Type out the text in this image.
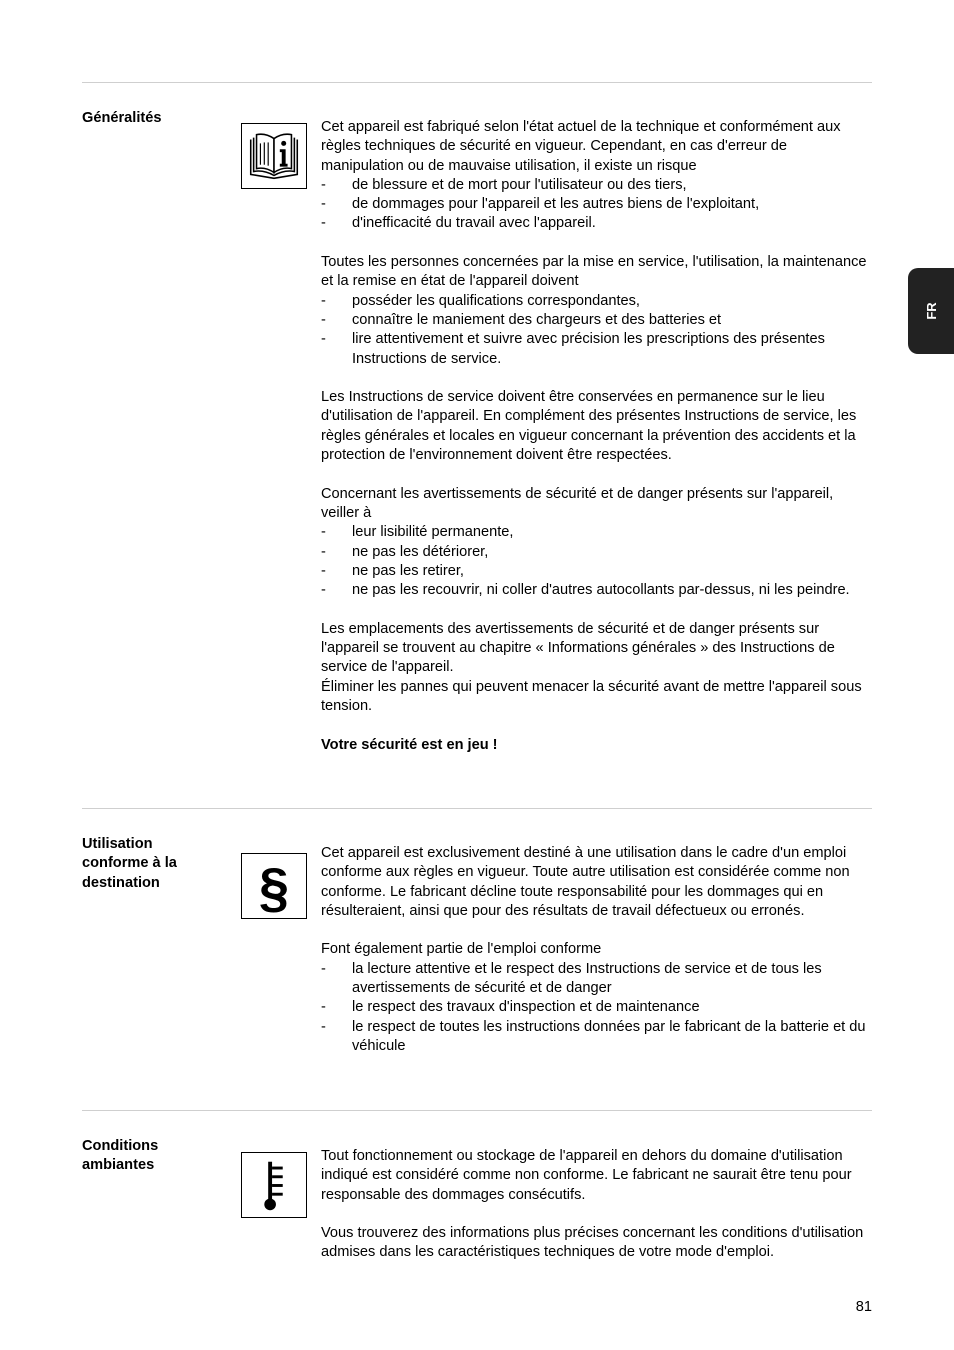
FR
Généralités

Cet appareil est fabriqué selon l'état actuel de la technique et conformément aux règles techniques de sécurité en vigueur. Cependant, en cas d'erreur de manipulation ou de mauvaise utilisation, il existe un risque

- de blessure et de mort pour l'utilisateur ou des tiers,
- de dommages pour l'appareil et les autres biens de l'exploitant,
- d'inefficacité du travail avec l'appareil.

Toutes les personnes concernées par la mise en service, l'utilisation, la maintenance et la remise en état de l'appareil doivent

- posséder les qualifications correspondantes,
- connaître le maniement des chargeurs et des batteries et
- lire attentivement et suivre avec précision les prescriptions des présentes Instructions de service.

Les Instructions de service doivent être conservées en permanence sur le lieu d'utilisation de l'appareil. En complément des présentes Instructions de service, les règles générales et locales en vigueur concernant la prévention des accidents et la protection de l'environnement doivent être respectées.

Concernant les avertissements de sécurité et de danger présents sur l'appareil, veiller à

- leur lisibilité permanente,
- ne pas les détériorer,
- ne pas les retirer,
- ne pas les recouvrir, ni coller d'autres autocollants par-dessus, ni les peindre.

Les emplacements des avertissements de sécurité et de danger présents sur l'appareil se trouvent au chapitre « Informations générales » des Instructions de service de l'appareil.

Éliminer les pannes qui peuvent menacer la sécurité avant de mettre l'appareil sous tension.

Votre sécurité est en jeu !

Utilisation conforme à la destination	§

Cet appareil est exclusivement destiné à une utilisation dans le cadre d'un emploi conforme aux règles en vigueur. Toute autre utilisation est considérée comme non conforme. Le fabricant décline toute responsabilité pour les dommages qui en résulteraient, ainsi que pour des résultats de travail défectueux ou erronés.

Font également partie de l'emploi conforme

- la lecture attentive et le respect des Instructions de service et de tous les avertissements de sécurité et de danger
- le respect des travaux d'inspection et de maintenance
- le respect de toutes les instructions données par le fabricant de la batterie et du véhicule
Conditions ambiantes

Tout fonctionnement ou stockage de l'appareil en dehors du domaine d'utilisation indiqué est considéré comme non conforme. Le fabricant ne saurait être tenu pour responsable des dommages consécutifs.

Vous trouverez des informations plus précises concernant les conditions d'utilisation admises dans les caractéristiques techniques de votre mode d'emploi.

81
